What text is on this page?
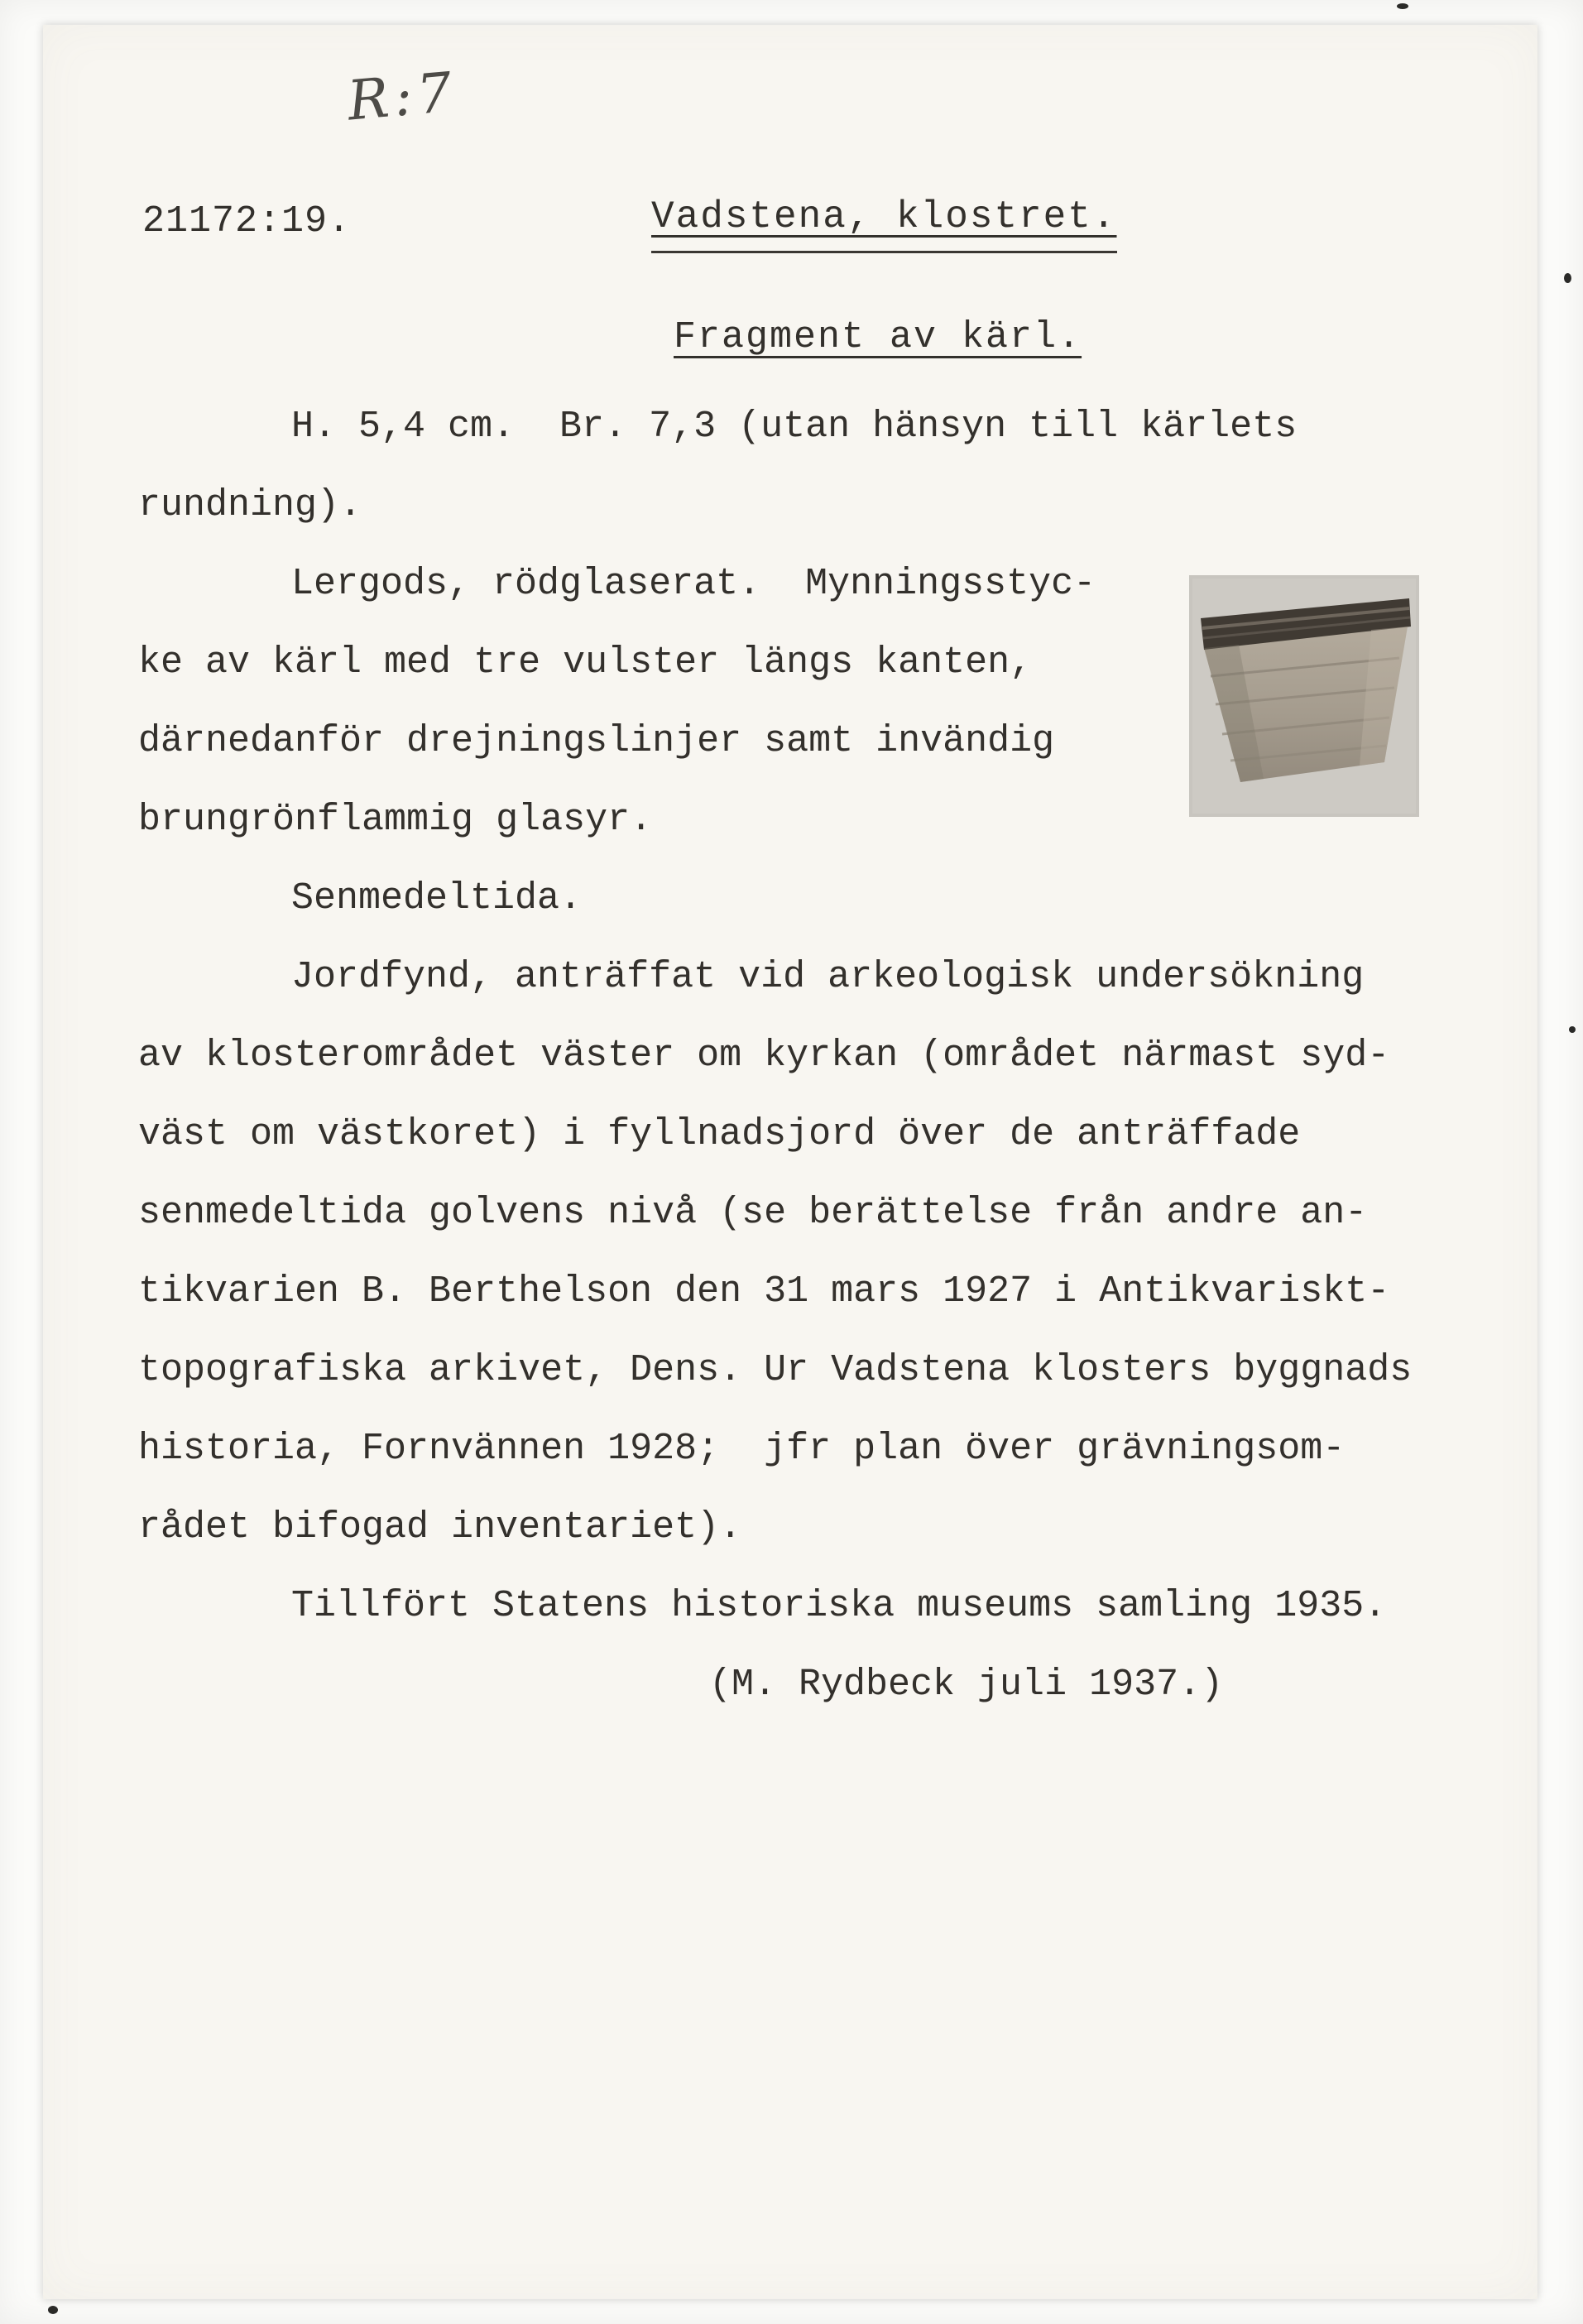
R:7
21172:19.	Vadstena, klostret.
Fragment av kärl.
H. 5,4 cm.  Br. 7,3 (utan hänsyn till kärlets
rundning).
Lergods, rödglaserat.  Mynningsstyc-
ke av kärl med tre vulster längs kanten,
därnedanför drejningslinjer samt invändig
brungrönflammig glasyr.
Senmedeltida.
Jordfynd, anträffat vid arkeologisk undersökning
av klosterområdet väster om kyrkan (området närmast syd-
väst om västkoret) i fyllnadsjord över de anträffade
senmedeltida golvens nivå (se berättelse från andre an-
tikvarien B. Berthelson den 31 mars 1927 i Antikvariskt-
topografiska arkivet, Dens. Ur Vadstena klosters byggnads
historia, Fornvännen 1928;  jfr plan över grävningsom-
rådet bifogad inventariet).
Tillfört Statens historiska museums samling 1935.
(M. Rydbeck juli 1937.)
